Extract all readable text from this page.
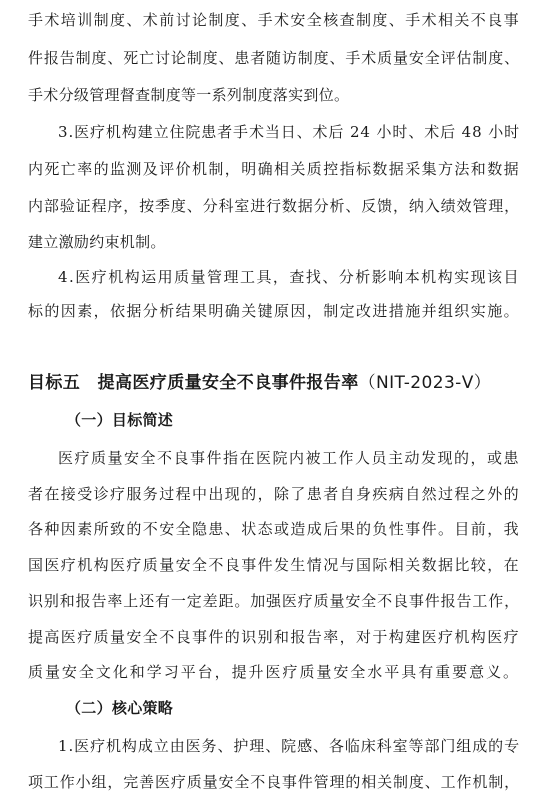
手术培训制度、术前讨论制度、手术安全核查制度、手术相关不良事
件报告制度、死亡讨论制度、患者随访制度、手术质量安全评估制度、
手术分级管理督查制度等一系列制度落实到位。
3.医疗机构建立住院患者手术当日、术后 24 小时、术后 48 小时
内死亡率的监测及评价机制，明确相关质控指标数据采集方法和数据
内部验证程序，按季度、分科室进行数据分析、反馈，纳入绩效管理，
建立激励约束机制。
4.医疗机构运用质量管理工具，查找、分析影响本机构实现该目
标的因素，依据分析结果明确关键原因，制定改进措施并组织实施。
目标五　提高医疗质量安全不良事件报告率（NIT-2023-Ⅴ）
（一）目标简述
医疗质量安全不良事件指在医院内被工作人员主动发现的，或患
者在接受诊疗服务过程中出现的，除了患者自身疾病自然过程之外的
各种因素所致的不安全隐患、状态或造成后果的负性事件。目前，我
国医疗机构医疗质量安全不良事件发生情况与国际相关数据比较，在
识别和报告率上还有一定差距。加强医疗质量安全不良事件报告工作，
提高医疗质量安全不良事件的识别和报告率，对于构建医疗机构医疗
质量安全文化和学习平台，提升医疗质量安全水平具有重要意义。
（二）核心策略
1.医疗机构成立由医务、护理、院感、各临床科室等部门组成的专
项工作小组，完善医疗质量安全不良事件管理的相关制度、工作机制，
